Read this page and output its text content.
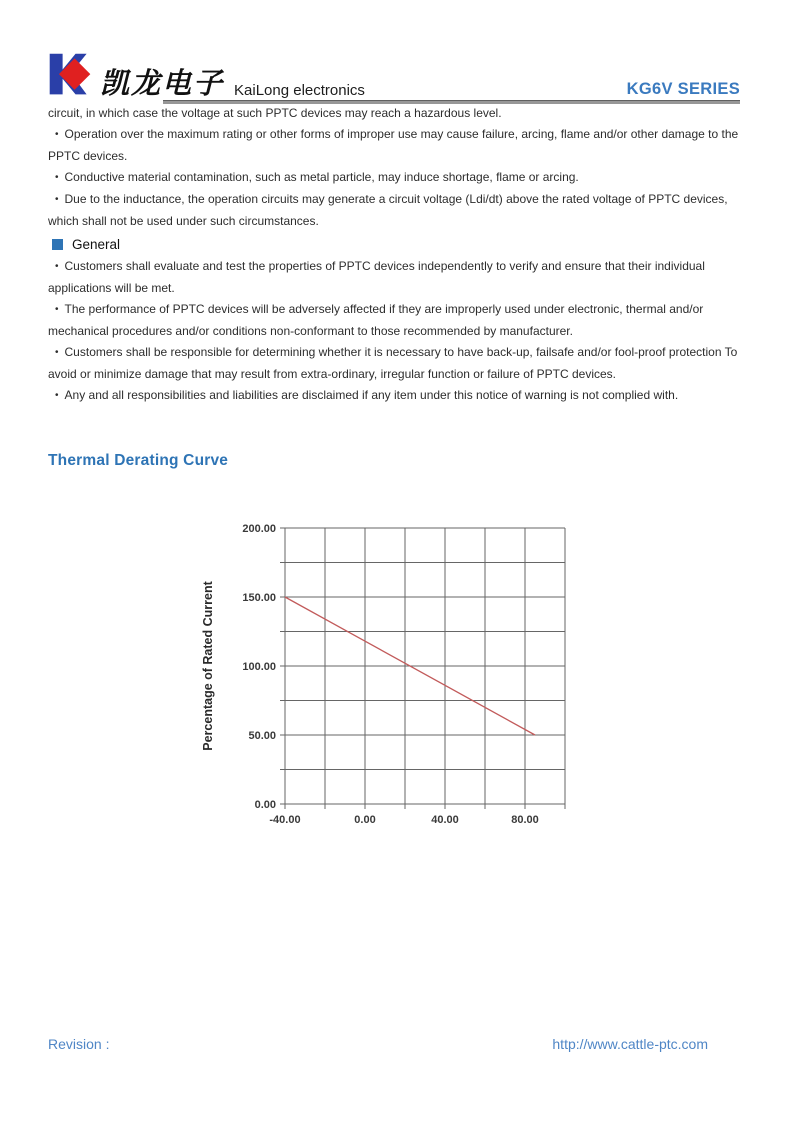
凯龙电子 KaiLong electronics	KG6V SERIES

circuit, in which case the voltage at such PPTC devices may reach a hazardous level.

• Operation over the maximum rating or other forms of improper use may cause failure, arcing, flame and/or other damage to the PPTC devices.

• Conductive material contamination, such as metal particle, may induce shortage, flame or arcing.

• Due to the inductance, the operation circuits may generate a circuit voltage (Ldi/dt) above the rated voltage of PPTC devices, which shall not be used under such circumstances.

General

• Customers shall evaluate and test the properties of PPTC devices independently to verify and ensure that their individual applications will be met.

• The performance of PPTC devices will be adversely affected if they are improperly used under electronic, thermal and/or mechanical procedures and/or conditions non-conformant to those recommended by manufacturer.

• Customers shall be responsible for determining whether it is necessary to have back-up, failsafe and/or fool-proof protection To avoid or minimize damage that may result from extra-ordinary, irregular function or failure of PPTC devices.

• Any and all responsibilities and liabilities are disclaimed if any item under this notice of warning is not complied with.

Thermal Derating Curve
0.00
50.00
100.00
150.00
200.00
-40.00	0.00	40.00	80.00
Percentage of Rated Current
Revision :	http://www.cattle-ptc.com
